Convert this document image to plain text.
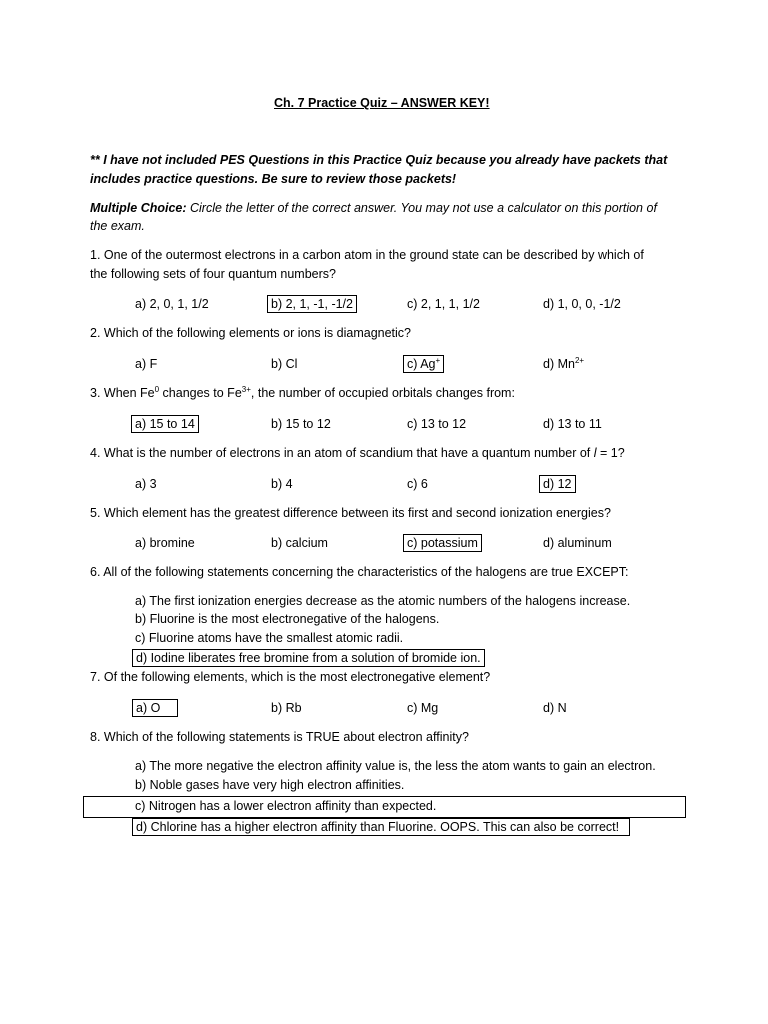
Ch. 7 Practice Quiz – ANSWER KEY!
** I have not included PES Questions in this Practice Quiz because you already have packets that
includes practice questions. Be sure to review those packets!
Multiple Choice: Circle the letter of the correct answer. You may not use a calculator on this portion of
the exam.
1. One of the outermost electrons in a carbon atom in the ground state can be described by which of
the following sets of four quantum numbers?
a) 2, 0, 1, 1/2	b) 2, 1, -1, -1/2	c) 2, 1, 1, 1/2	d) 1, 0, 0, -1/2
2. Which of the following elements or ions is diamagnetic?
a) F	b) Cl	c) Ag+	d) $Mn^{2+}$
3. When Fe$^0$ changes to $Fe^{3+}$, the number of occupied orbitals changes from:
a) 15 to 14	b) 15 to 12	c) 13 to 12	d) 13 to 11
4. What is the number of electrons in an atom of scandium that have a quantum number of l = 1?
a) 3	b) 4	c) 6	d) 12
5. Which element has the greatest difference between its first and second ionization energies?
a) bromine	b) calcium	c) potassium	d) aluminum
6. All of the following statements concerning the characteristics of the halogens are true EXCEPT:
a) The first ionization energies decrease as the atomic numbers of the halogens increase.
b) Fluorine is the most electronegative of the halogens.
c) Fluorine atoms have the smallest atomic radii.
d) Iodine liberates free bromine from a solution of bromide ion.
7. Of the following elements, which is the most electronegative element?
a) O	b) Rb	c) Mg	d) N
8. Which of the following statements is TRUE about electron affinity?
a) The more negative the electron affinity value is, the less the atom wants to gain an electron.
b) Noble gases have very high electron affinities.
c) Nitrogen has a lower electron affinity than expected.
d) Chlorine has a higher electron affinity than Fluorine. OOPS. This can also be correct!
